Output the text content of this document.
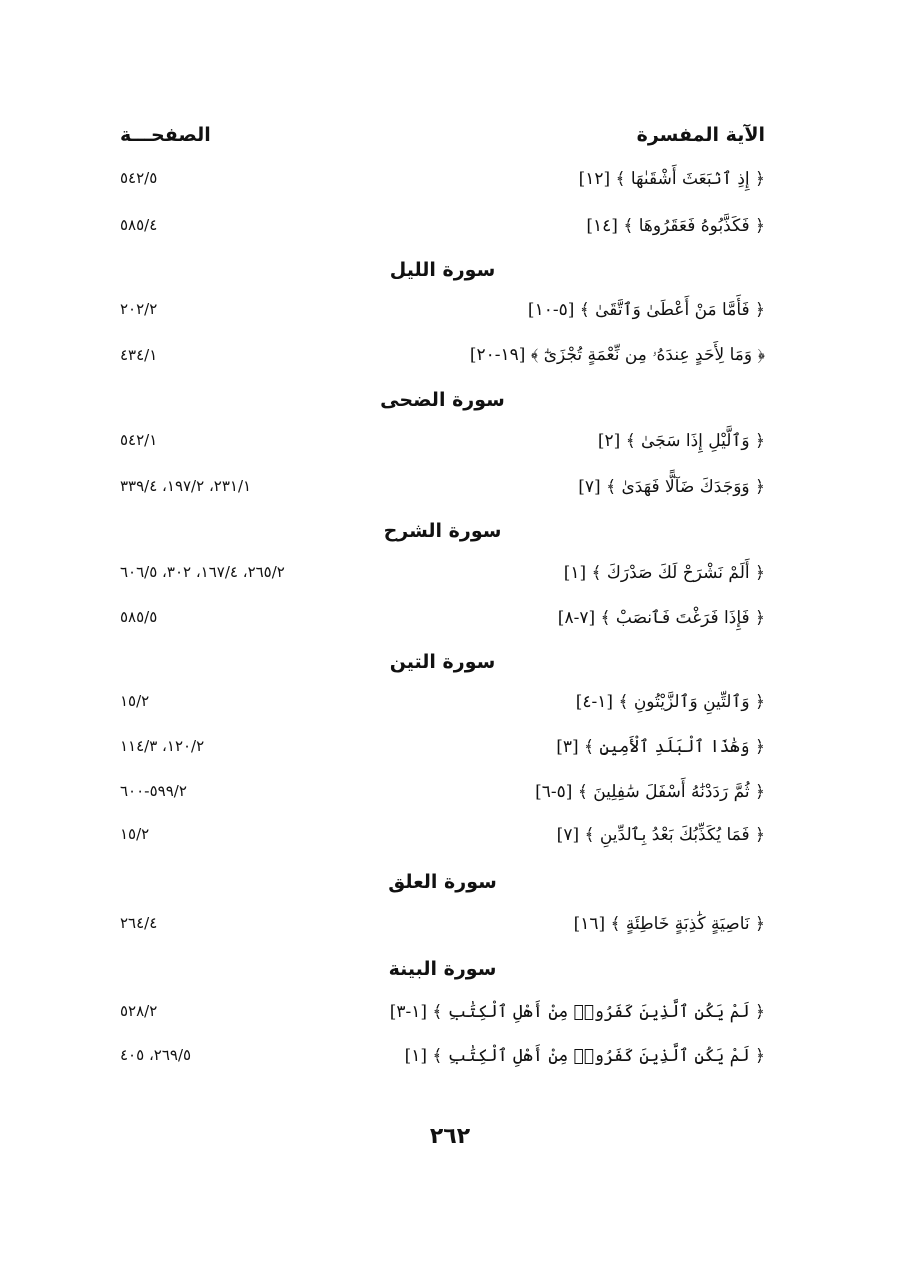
الآية المفسرة
الصفحـــة
﴿ إِذِ ٱنۢبَعَثَ أَشْقَىٰهَا ﴾ [١٢]
٥٤٢/٥
﴿ فَكَذَّبُوهُ فَعَقَرُوهَا ﴾ [١٤]
٥٨٥/٤
سورة الليل
﴿ فَأَمَّا مَنْ أَعْطَىٰ وَٱتَّقَىٰ ﴾ [٥-١٠]
٢٠٢/٢
﴿ وَمَا لِأَحَدٍ عِندَهُۥ مِن نِّعْمَةٍ تُجْزَىٰٓ ﴾ [١٩-٢٠]
٤٣٤/١
سورة الضحى
﴿ وَٱلَّيْلِ إِذَا سَجَىٰ ﴾ [٢]
٥٤٢/١
﴿ وَوَجَدَكَ ضَآلًّا فَهَدَىٰ ﴾ [٧]
٢٣١/١، ١٩٧/٢، ٣٣٩/٤
سورة الشرح
﴿ أَلَمْ نَشْرَحْ لَكَ صَدْرَكَ ﴾ [١]
٢٦٥/٢، ١٦٧/٤، ٣٠٢، ٦٠٦/٥
﴿ فَإِذَا فَرَغْتَ فَٱنصَبْ ﴾ [٧-٨]
٥٨٥/٥
سورة التين
﴿ وَٱلتِّينِ وَٱلزَّيْتُونِ ﴾ [١-٤]
١٥/٢
﴿ وَهَٰذَا ٱلْبَلَدِ ٱلْأَمِينِ ﴾ [٣]
١٢٠/٢، ١١٤/٣
﴿ ثُمَّ رَدَدْنَٰهُ أَسْفَلَ سَٰفِلِينَ ﴾ [٥-٦]
٥٩٩/٢-٦٠٠
﴿ فَمَا يُكَذِّبُكَ بَعْدُ بِٱلدِّينِ ﴾ [٧]
١٥/٢
سورة العلق
﴿ نَاصِيَةٍ كَٰذِبَةٍ خَاطِئَةٍ ﴾ [١٦]
٢٦٤/٤
سورة البينة
﴿ لَمْ يَكُنِ ٱلَّذِينَ كَفَرُوا۟ مِنْ أَهْلِ ٱلْكِتَٰبِ ﴾ [١-٣]
٥٢٨/٢
﴿ لَمْ يَكُنِ ٱلَّذِينَ كَفَرُوا۟ مِنْ أَهْلِ ٱلْكِتَٰبِ ﴾ [١]
٢٦٩/٥، ٤٠٥
٢٦٢
